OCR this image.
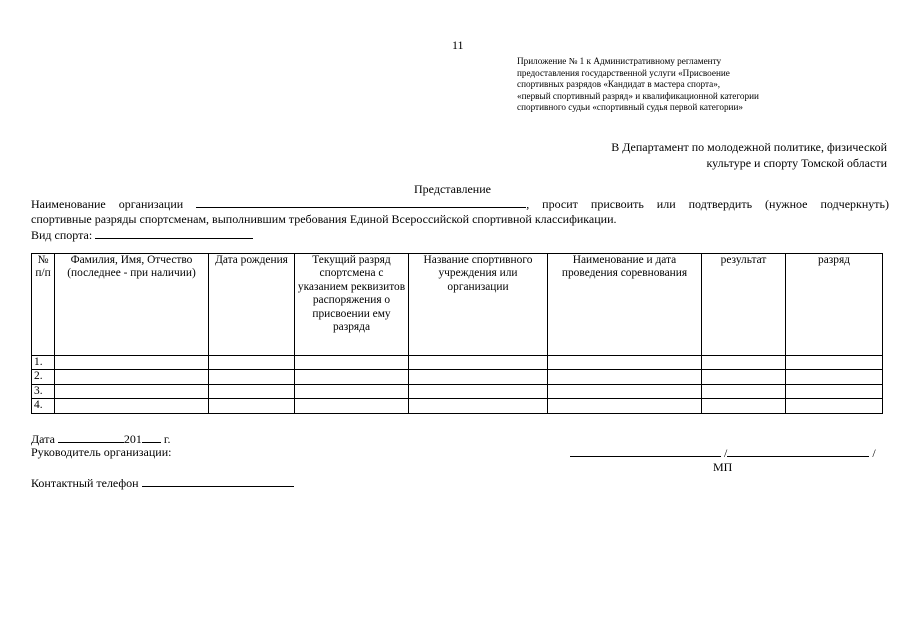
11
Приложение № 1 к Административному регламенту
предоставления государственной услуги «Присвоение
спортивных разрядов «Кандидат в мастера спорта»,
«первый спортивный разряд» и квалификационной категории
спортивного судьи «спортивный судья первой категории»
В Департамент по молодежной политике, физической
культуре и спорту Томской области
Представление
Наименование организации	, просит присвоить или подтвердить (нужное подчеркнуть)
спортивные разряды спортсменам, выполнившим требования Единой Всероссийской спортивной классификации.
Вид спорта:
№ п/п	Фамилия, Имя, Отчество (последнее - при наличии)	Дата рождения	Текущий разряд спортсмена с указанием реквизитов распоряжения о присвоении ему разряда	Название спортивного учреждения или организации	Наименование и дата проведения соревнования	результат	разряд
1.							
2.							
3.							
4.							
Дата	201 г.
Руководитель организации:	/	/
МП
Контактный телефон
